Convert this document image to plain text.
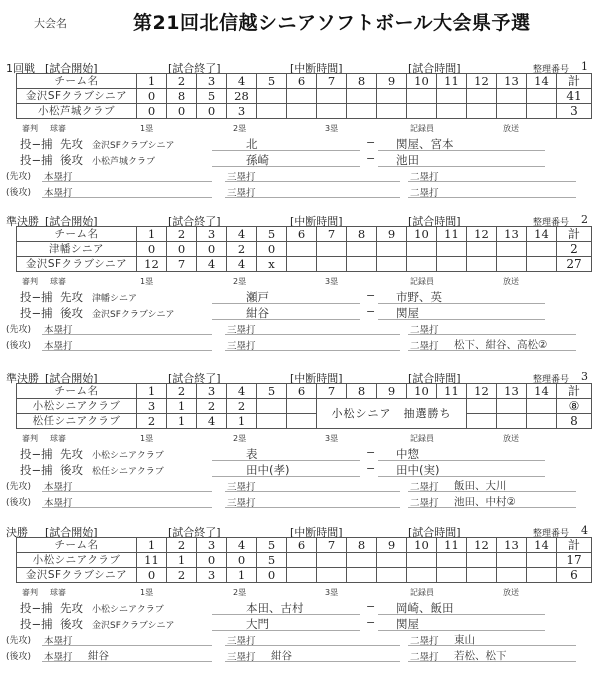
大会名	第21回北信越シニアソフトボール大会県予選
1回戦 [試合開始]	[試合終了]	[中断時間]	[試合時間]	整理番号 1
チーム名	1	2	3	4	5	6	7	8	9	10	11	12	13	14	計
金沢SFクラブシニア	0	8	5	28											41
小松芦城クラブ	0	0	0	3											3
審判 球審	1塁	2塁	3塁	記録員	放送
投−捕 先攻 金沢SFクラブシニア	北	− 関屋、宮本
投−捕 後攻 小松芦城クラブ	孫崎	− 池田
(先攻) 本塁打	三塁打	二塁打
(後攻) 本塁打	三塁打	二塁打
準決勝 [試合開始]	[試合終了]	[中断時間]	[試合時間]	整理番号 2
チーム名	1	2	3	4	5	6	7	8	9	10	11	12	13	14	計
津幡シニア	0	0	0	2	0										2
金沢SFクラブシニア	12	7	4	4	x										27
審判 球審	1塁	2塁	3塁	記録員	放送
投−捕 先攻 津幡シニア	瀬戸	− 市野、英
投−捕 後攻 金沢SFクラブシニア	紺谷	− 関屋
(先攻) 本塁打	三塁打	二塁打
(後攻) 本塁打	三塁打	二塁打 松下、紺谷、高松②
準決勝 [試合開始]	[試合終了]	[中断時間]	[試合時間]	整理番号 3
チーム名	1	2	3	4	5	6	7	8	9	10	11	12	13	14	計
小松シニアクラブ	3	1	2	2			小松シニア　抽選勝ち								⑧
松任シニアクラブ	2	1	4	1											8
審判 球審	1塁	2塁	3塁	記録員	放送
投−捕 先攻 小松シニアクラブ	表	− 中惣
投−捕 後攻 松任シニアクラブ	田中(孝)	− 田中(実)
(先攻) 本塁打	三塁打	二塁打 飯田、大川
(後攻) 本塁打	三塁打	二塁打 池田、中村②
決勝 [試合開始]	[試合終了]	[中断時間]	[試合時間]	整理番号 4
チーム名	1	2	3	4	5	6	7	8	9	10	11	12	13	14	計
小松シニアクラブ	11	1	0	0	5										17
金沢SFクラブシニア	0	2	3	1	0										6
審判 球審	1塁	2塁	3塁	記録員	放送
投−捕 先攻 小松シニアクラブ	本田、古村	− 岡崎、飯田
投−捕 後攻 金沢SFクラブシニア	大門	− 関屋
(先攻) 本塁打	三塁打	二塁打 東山
(後攻) 本塁打 紺谷	三塁打 紺谷	二塁打 若松、松下
